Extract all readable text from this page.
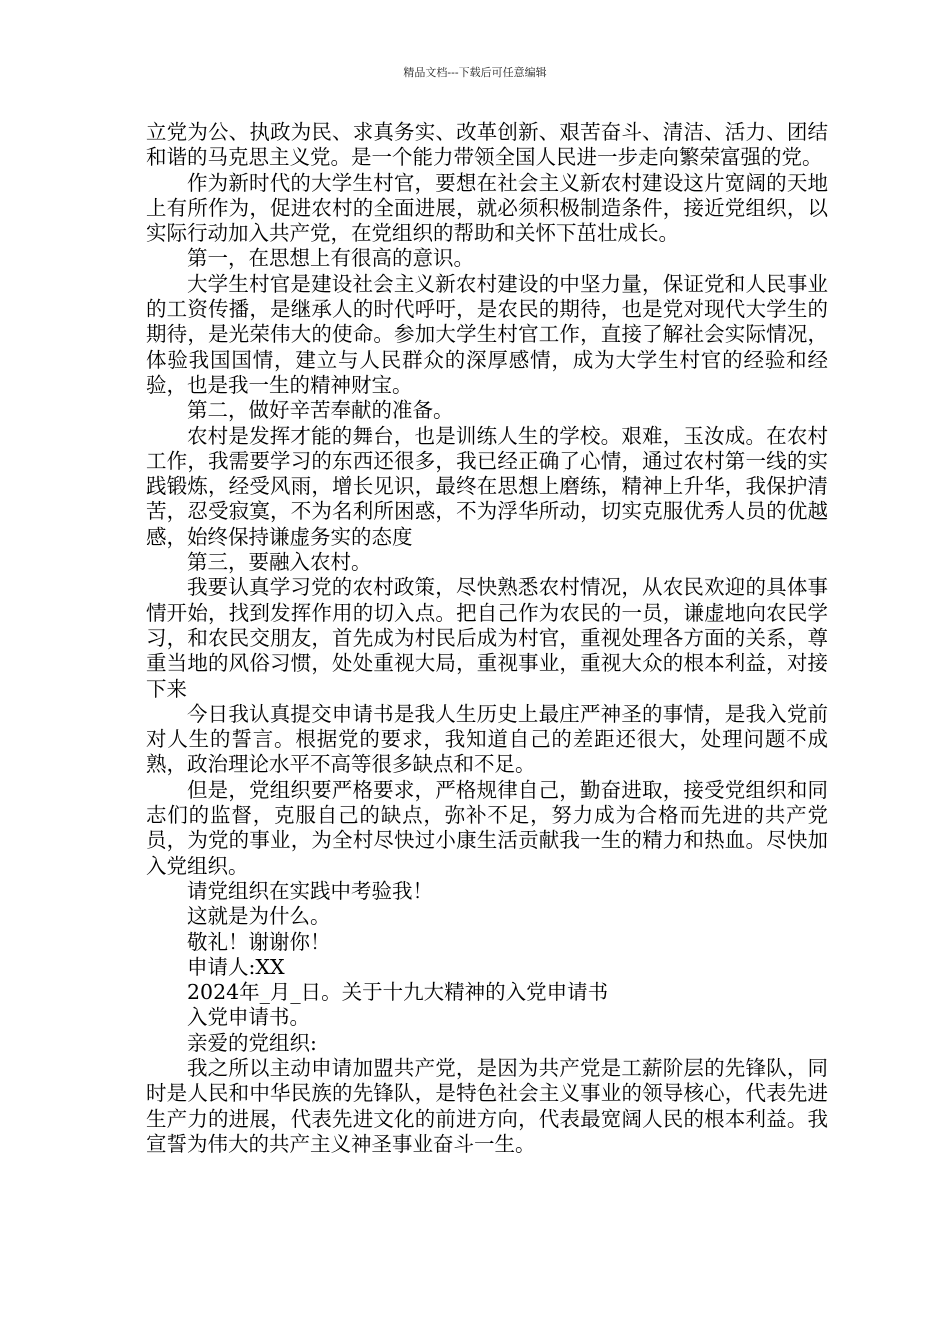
精品文档---下载后可任意编辑

立党为公、执政为民、求真务实、改革创新、艰苦奋斗、清洁、活力、团结和谐的马克思主义党。是一个能力带领全国人民进一步走向繁荣富强的党。

作为新时代的大学生村官，要想在社会主义新农村建设这片宽阔的天地上有所作为，促进农村的全面进展，就必须积极制造条件，接近党组织，以实际行动加入共产党，在党组织的帮助和关怀下茁壮成长。

第一，在思想上有很高的意识。

大学生村官是建设社会主义新农村建设的中坚力量，保证党和人民事业的工资传播，是继承人的时代呼吁，是农民的期待，也是党对现代大学生的期待，是光荣伟大的使命。参加大学生村官工作，直接了解社会实际情况，体验我国国情，建立与人民群众的深厚感情，成为大学生村官的经验和经验，也是我一生的精神财宝。

第二，做好辛苦奉献的准备。

农村是发挥才能的舞台，也是训练人生的学校。艰难，玉汝成。在农村工作，我需要学习的东西还很多，我已经正确了心情，通过农村第一线的实践锻炼，经受风雨，增长见识，最终在思想上磨练，精神上升华，我保护清苦，忍受寂寞，不为名利所困惑，不为浮华所动，切实克服优秀人员的优越感，始终保持谦虚务实的态度

第三，要融入农村。

我要认真学习党的农村政策，尽快熟悉农村情况，从农民欢迎的具体事情开始，找到发挥作用的切入点。把自己作为农民的一员，谦虚地向农民学习，和农民交朋友，首先成为村民后成为村官，重视处理各方面的关系，尊重当地的风俗习惯，处处重视大局，重视事业，重视大众的根本利益，对接下来

今日我认真提交申请书是我人生历史上最庄严神圣的事情，是我入党前对人生的誓言。根据党的要求，我知道自己的差距还很大，处理问题不成熟，政治理论水平不高等很多缺点和不足。

但是，党组织要严格要求，严格规律自己，勤奋进取，接受党组织和同志们的监督，克服自己的缺点，弥补不足，努力成为合格而先进的共产党员，为党的事业，为全村尽快过小康生活贡献我一生的精力和热血。尽快加入党组织。

请党组织在实践中考验我！

这就是为什么。

敬礼！谢谢你！

申请人:XX

2024年_月_日。关于十九大精神的入党申请书

入党申请书。

亲爱的党组织:

我之所以主动申请加盟共产党，是因为共产党是工薪阶层的先锋队，同时是人民和中华民族的先锋队，是特色社会主义事业的领导核心，代表先进生产力的进展，代表先进文化的前进方向，代表最宽阔人民的根本利益。我宣誓为伟大的共产主义神圣事业奋斗一生。
